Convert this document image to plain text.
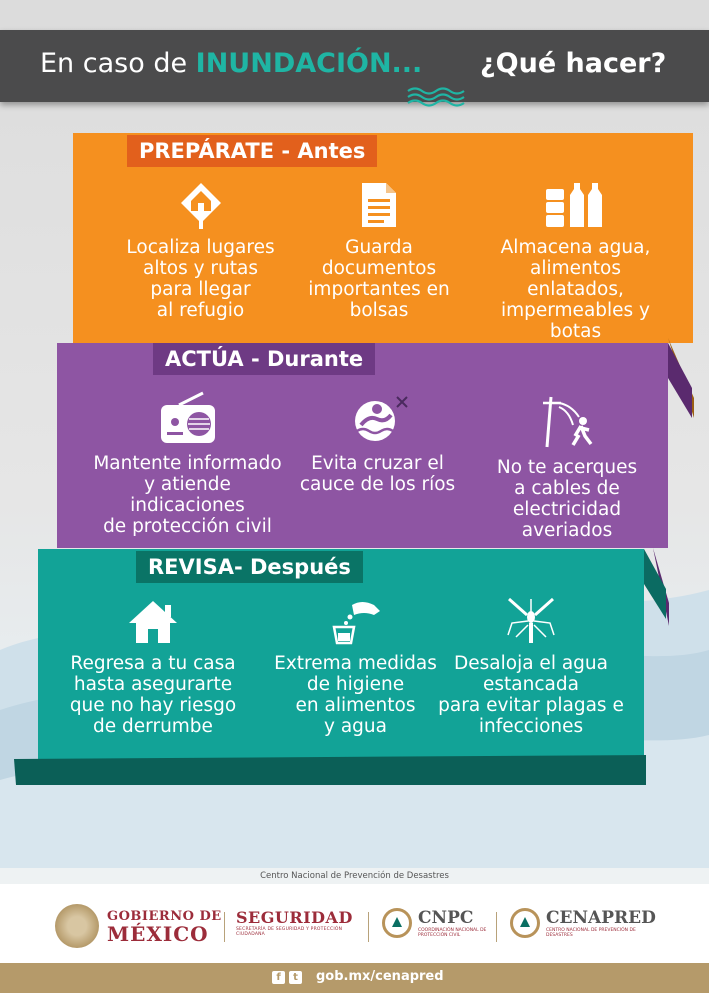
En caso de INUNDACIÓN... ¿Qué hacer?
PREPÁRATE - Antes
Localiza lugares
altos y rutas
para llegar
al refugio
Guarda
documentos
importantes en
bolsas
Almacena agua,
alimentos
enlatados,
impermeables y
botas
ACTÚA - Durante
Mantente informado
y atiende
indicaciones
de protección civil
Evita cruzar el
cauce de los ríos
No te acerques
a cables de
electricidad
averiados
REVISA- Después
Regresa a tu casa
hasta asegurarte
que no hay riesgo
de derrumbe
Extrema medidas
de higiene
en alimentos
y agua
Desaloja el agua
estancada
para evitar plagas e
infecciones
Centro Nacional de Prevención de Desastres
GOBIERNO DE
MÉXICO
SEGURIDAD
SECRETARÍA DE SEGURIDAD Y PROTECCIÓN CIUDADANA
CNPC
COORDINACIÓN NACIONAL DE PROTECCIÓN CIVIL
CENAPRED
CENTRO NACIONAL DE PREVENCIÓN DE DESASTRES
f	t	gob.mx/cenapred
